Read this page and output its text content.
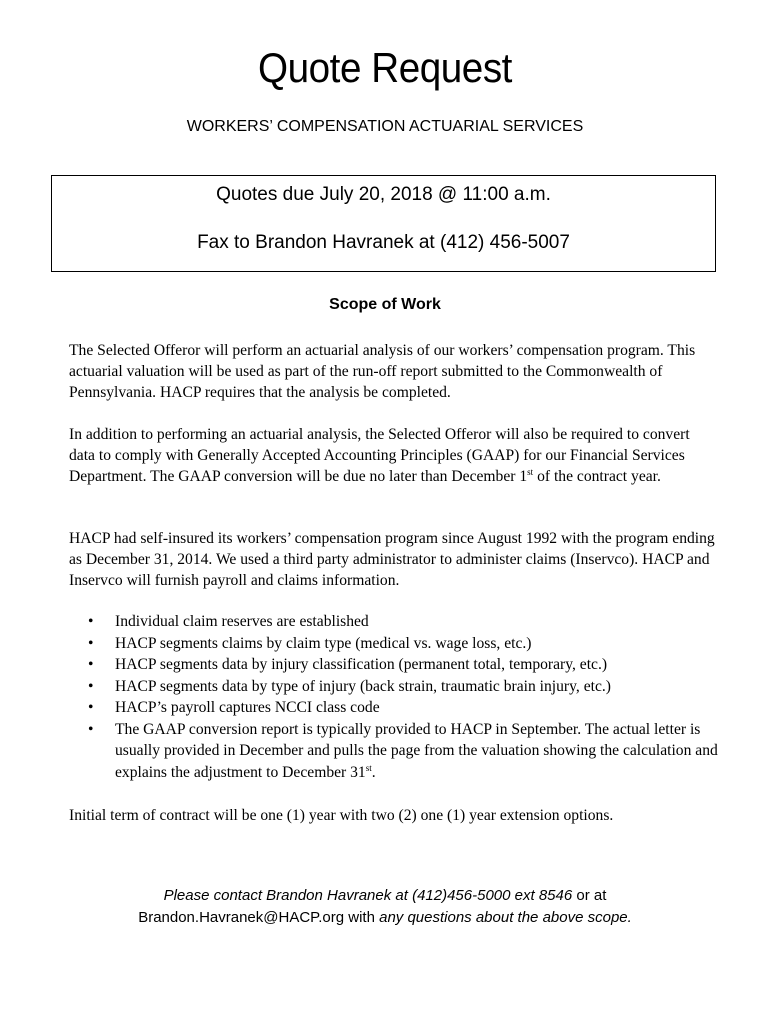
Quote Request
WORKERS’ COMPENSATION ACTUARIAL SERVICES
Quotes due July 20, 2018 @ 11:00 a.m.
Fax to Brandon Havranek at (412) 456-5007
Scope of Work
The Selected Offeror will perform an actuarial analysis of our workers’ compensation program. This actuarial valuation will be used as part of the run-off report submitted to the Commonwealth of Pennsylvania. HACP requires that the analysis be completed.
In addition to performing an actuarial analysis, the Selected Offeror will also be required to convert data to comply with Generally Accepted Accounting Principles (GAAP) for our Financial Services Department. The GAAP conversion will be due no later than December 1st of the contract year.
HACP had self-insured its workers’ compensation program since August 1992 with the program ending as December 31, 2014. We used a third party administrator to administer claims (Inservco). HACP and Inservco will furnish payroll and claims information.
• Individual claim reserves are established
• HACP segments claims by claim type (medical vs. wage loss, etc.)
• HACP segments data by injury classification (permanent total, temporary, etc.)
• HACP segments data by type of injury (back strain, traumatic brain injury, etc.)
• HACP’s payroll captures NCCI class code
• The GAAP conversion report is typically provided to HACP in September. The actual letter is usually provided in December and pulls the page from the valuation showing the calculation and explains the adjustment to December 31st.
Initial term of contract will be one (1) year with two (2) one (1) year extension options.
Please contact Brandon Havranek at (412)456-5000 ext 8546 or at
Brandon.Havranek@HACP.org with any questions about the above scope.
